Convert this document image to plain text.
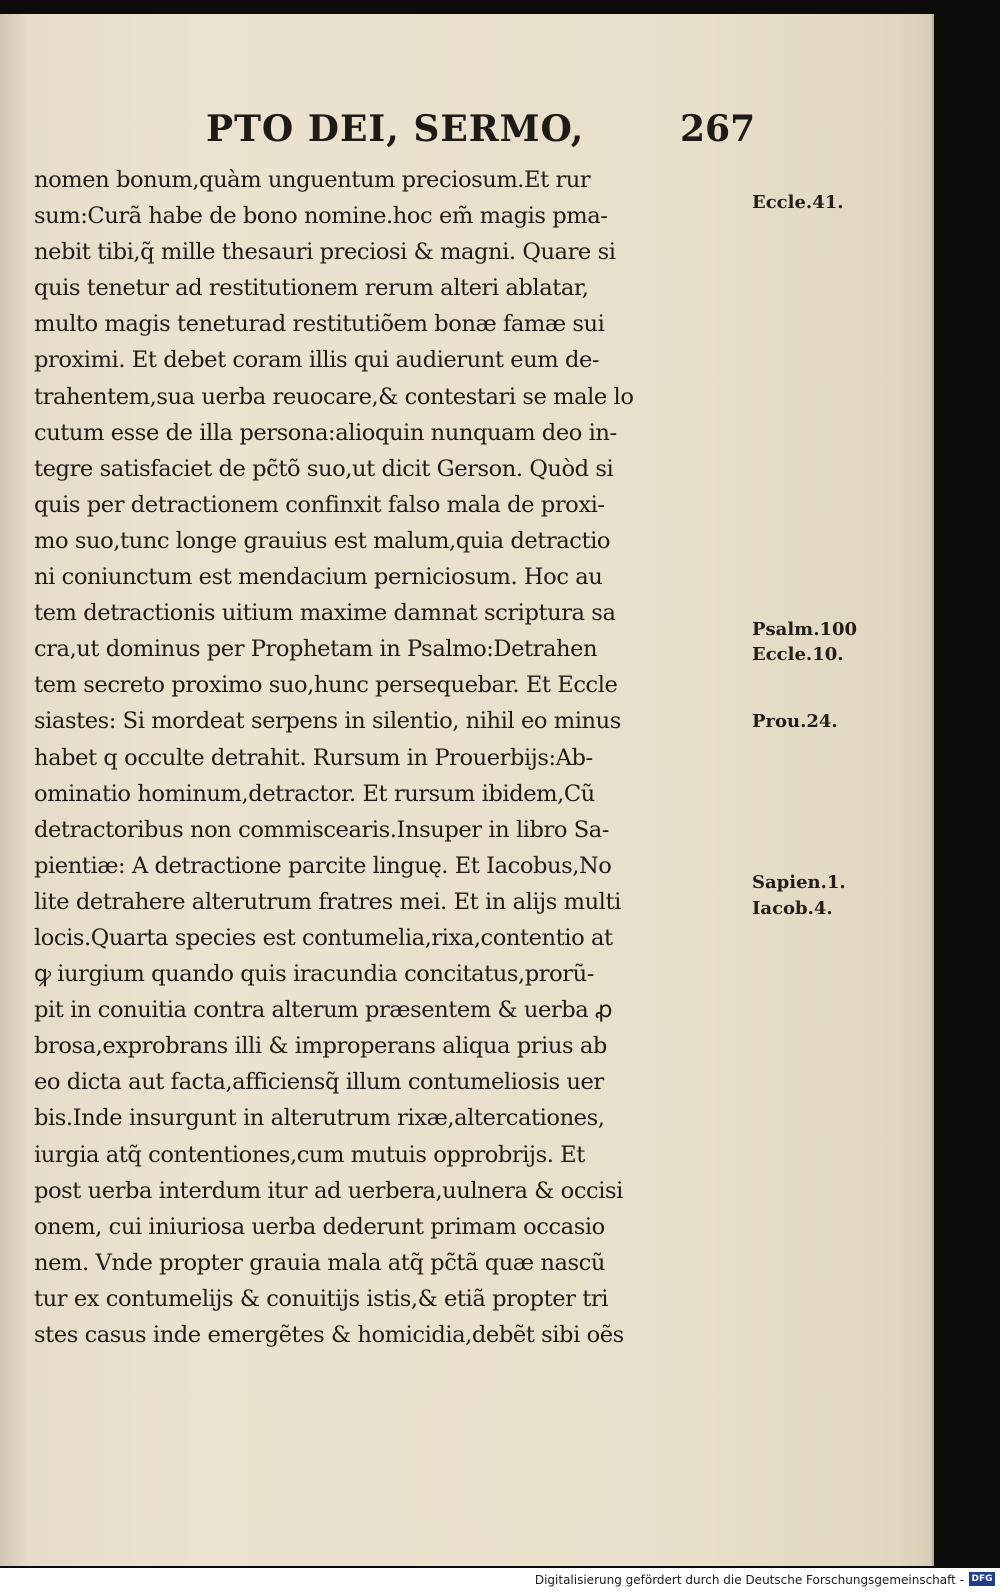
PTO DEI, SERMO,	267
nomen bonum,quàm unguentum preciosum.Et rur
sum:Curã habe de bono nomine.hoc em̃ magis pma-
nebit tibi,q̃ mille thesauri preciosi & magni. Quare si
quis tenetur ad restitutionem rerum alteri ablatar,
multo magis teneturad restitutiõem bonæ famæ sui
proximi. Et debet coram illis qui audierunt eum de-
trahentem,sua uerba reuocare,& contestari se male lo
cutum esse de illa persona:alioquin nunquam deo in-
tegre satisfaciet de pc̃tõ suo,ut dicit Gerson. Quòd si
quis per detractionem confinxit falso mala de proxi-
mo suo,tunc longe grauius est malum,quia detractio
ni coniunctum est mendacium perniciosum. Hoc au
tem detractionis uitium maxime damnat scriptura sa
cra,ut dominus per Prophetam in Psalmo:Detrahen
tem secreto proximo suo,hunc persequebar. Et Eccle
siastes: Si mordeat serpens in silentio, nihil eo minus
habet q occulte detrahit. Rursum in Prouerbijs:Ab-
ominatio hominum,detractor. Et rursum ibidem,Cũ
detractoribus non commiscearis.Insuper in libro Sa-
pientiæ: A detractione parcite linguę. Et Iacobus,No
lite detrahere alterutrum fratres mei. Et in alijs multi
locis.Quarta species est contumelia,rixa,contentio at
ꝙ iurgium quando quis iracundia concitatus,prorũ-
pit in conuitia contra alterum præsentem & uerba ꝓ
brosa,exprobrans illi & improperans aliqua prius ab
eo dicta aut facta,afficiensq̃ illum contumeliosis uer
bis.Inde insurgunt in alterutrum rixæ,altercationes,
iurgia atq̃ contentiones,cum mutuis opprobrijs. Et
post uerba interdum itur ad uerbera,uulnera & occisi
onem, cui iniuriosa uerba dederunt primam occasio
nem. Vnde propter grauia mala atq̃ pc̃tã quæ nascũ
tur ex contumelijs & conuitijs istis,& etiã propter tri
stes casus inde emergẽtes & homicidia,debẽt sibi oẽs
Eccle.41.
Psalm.100
Eccle.10.
Prou.24.
Sapien.1.
Iacob.4.
Digitalisierung gefördert durch die Deutsche Forschungsgemeinschaft - DFG
